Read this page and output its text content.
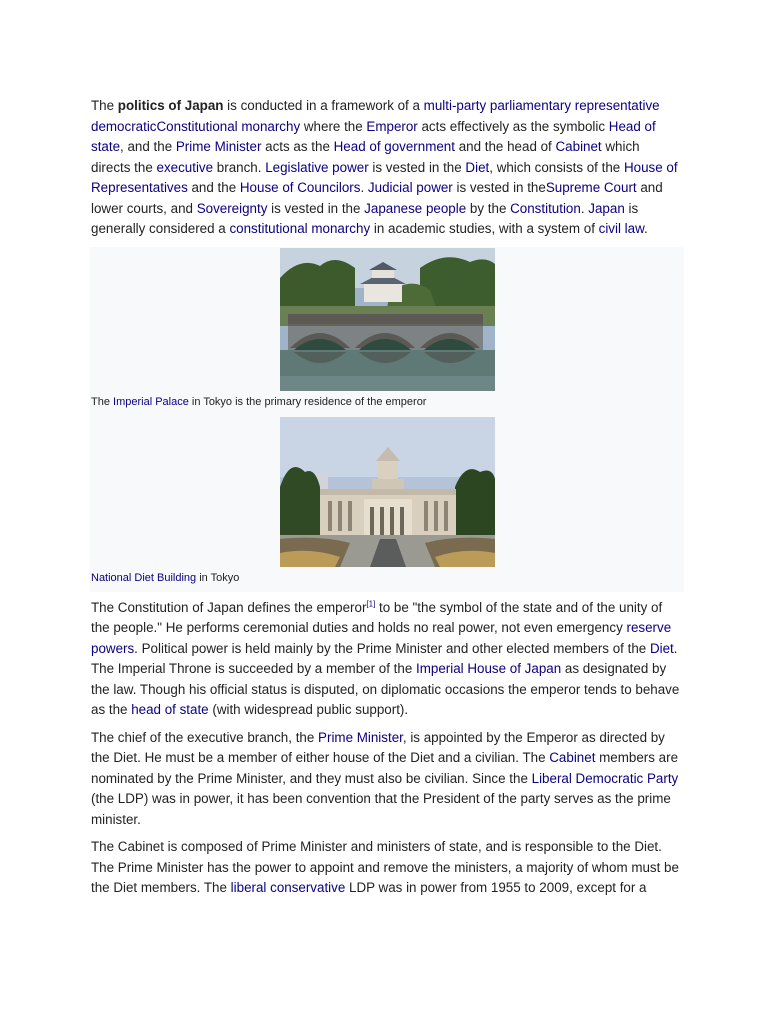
The politics of Japan is conducted in a framework of a multi-party parliamentary representative democraticConstitutional monarchy where the Emperor acts effectively as the symbolic Head of state, and the Prime Minister acts as the Head of government and the head of Cabinet which directs the executive branch. Legislative power is vested in the Diet, which consists of the House of Representatives and the House of Councilors. Judicial power is vested in theSupreme Court and lower courts, and Sovereignty is vested in the Japanese people by the Constitution. Japan is generally considered a constitutional monarchy in academic studies, with a system of civil law.

The Imperial Palace in Tokyo is the primary residence of the emperor
National Diet Building in Tokyo

The Constitution of Japan defines the emperor[1] to be "the symbol of the state and of the unity of the people." He performs ceremonial duties and holds no real power, not even emergency reserve powers. Political power is held mainly by the Prime Minister and other elected members of the Diet. The Imperial Throne is succeeded by a member of the Imperial House of Japan as designated by the law. Though his official status is disputed, on diplomatic occasions the emperor tends to behave as the head of state (with widespread public support).

The chief of the executive branch, the Prime Minister, is appointed by the Emperor as directed by the Diet. He must be a member of either house of the Diet and a civilian. The Cabinet members are nominated by the Prime Minister, and they must also be civilian. Since the Liberal Democratic Party (the LDP) was in power, it has been convention that the President of the party serves as the prime minister.

The Cabinet is composed of Prime Minister and ministers of state, and is responsible to the Diet. The Prime Minister has the power to appoint and remove the ministers, a majority of whom must be the Diet members. The liberal conservative LDP was in power from 1955 to 2009, except for a
